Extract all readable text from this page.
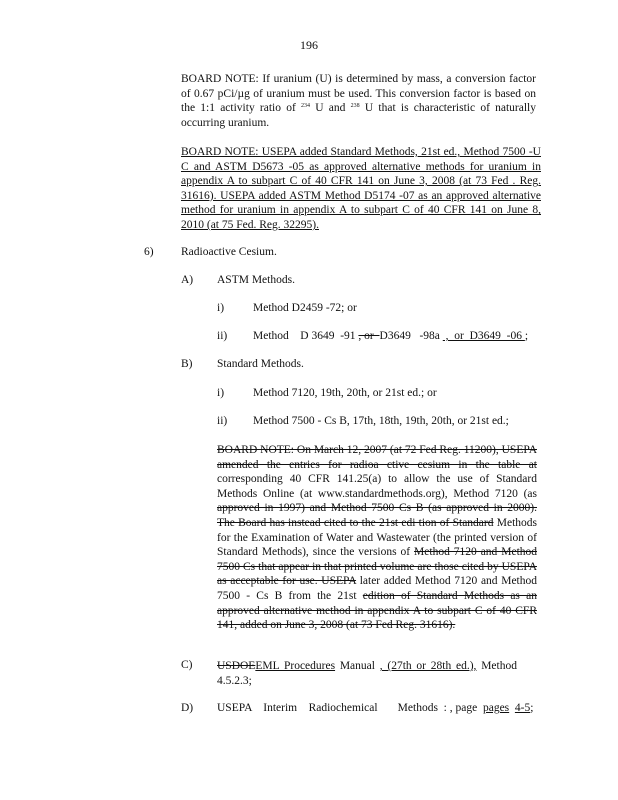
196
BOARD NOTE: If uranium (U) is determined by mass, a conversion factor of 0.67 pCi/µg of uranium must be used. This conversion factor is based on the 1:1 activity ratio of $^{234}$ U and $^{238}$ U that is characteristic of naturally occurring uranium.
BOARD NOTE: USEPA added Standard Methods, 21st ed., Method 7500 -U C and ASTM D5673 -05 as approved alternative methods for uranium in appendix A to subpart C of 40 CFR 141 on June 3, 2008 (at 73 Fed . Reg. 31616). USEPA added ASTM Method D5174 -07 as an approved alternative method for uranium in appendix A to subpart C of 40 CFR 141 on June 8, 2010 (at 75 Fed. Reg. 32295).
6) Radioactive Cesium.
A) ASTM Methods.
i)	Method D2459 -72; or
ii) Method    D 3649  -91 , or  D3649   -98a  ,  or  D3649  -06 ;
B) Standard Methods.
i)	Method 7120, 19th, 20th, or 21st ed.; or
ii) Method 7500 - Cs B, 17th, 18th, 19th, 20th, or 21st ed.;
BOARD NOTE: On March 12, 2007 (at 72 Fed Reg. 11200), USEPA amended the entries for radioa ctive cesium in the table at corresponding 40 CFR 141.25(a) to allow the use of Standard Methods Online (at www.standardmethods.org), Method 7120 (as approved in 1997) and Method 7500 Cs B (as approved in 2000). The Board has instead cited to the 21st edi tion of Standard Methods for the Examination of Water and Wastewater (the printed version of Standard Methods), since the versions of Method 7120 and Method 7500 Cs that appear in that printed volume are those cited by USEPA as acceptable for use. USEPA later added Method 7120 and Method 7500 - Cs B from the 21st edition of Standard Methods as an approved alternative method in appendix A to subpart C of 40 CFR 141, added on June 3, 2008 (at 73 Fed Reg. 31616).
C) USDOEEML Procedures Manual , (27th or 28th ed.), Method 4.5.2.3;
D) USEPA    Interim    Radiochemical       Methods  : , page  pages 4-5;
